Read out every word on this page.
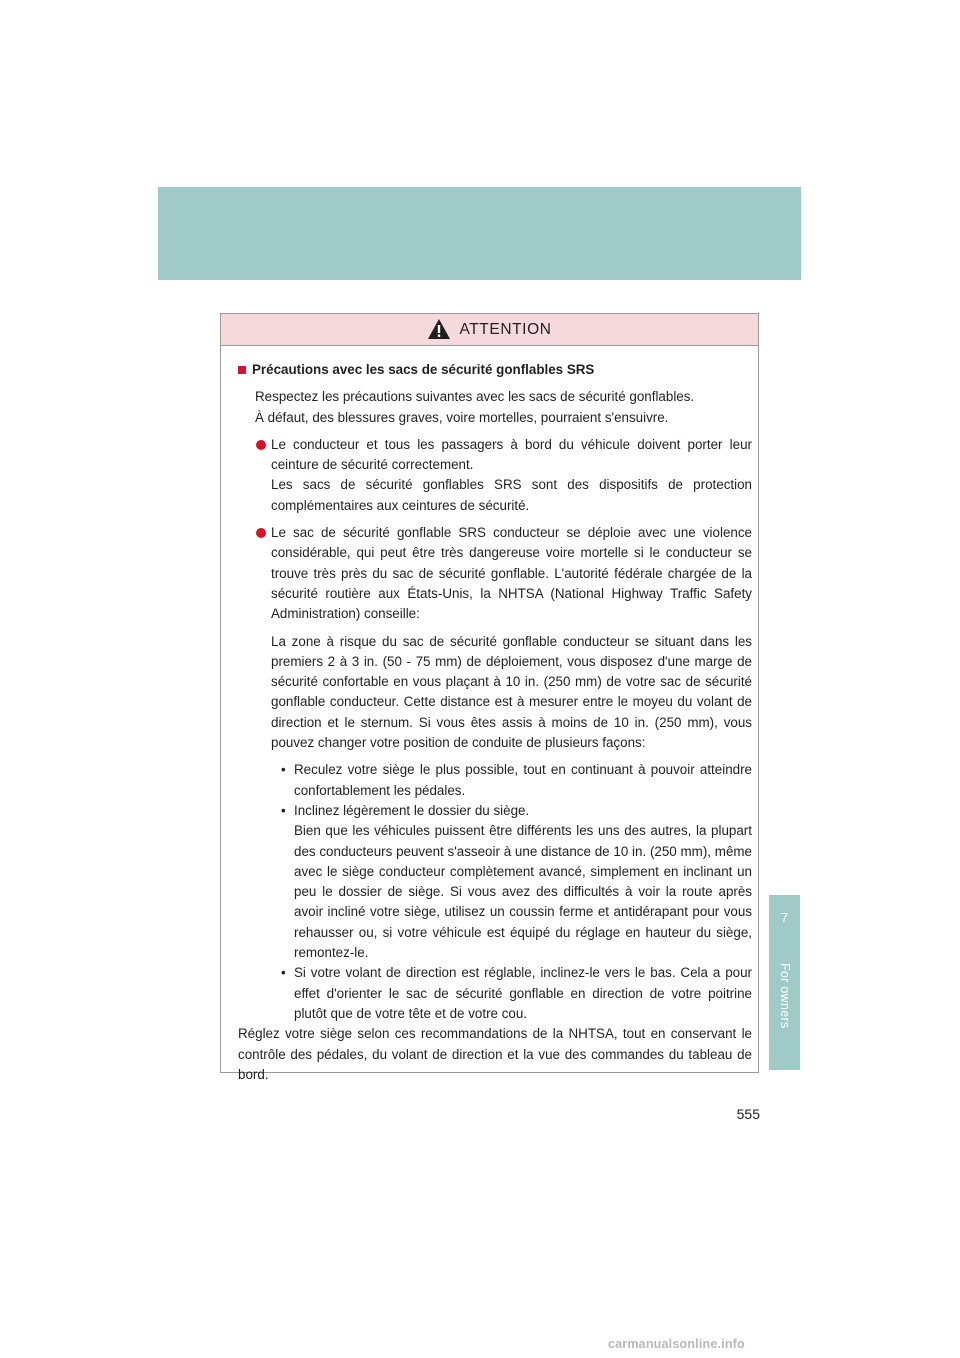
7
For owners
ATTENTION
Précautions avec les sacs de sécurité gonflables SRS
Respectez les précautions suivantes avec les sacs de sécurité gonflables.
À défaut, des blessures graves, voire mortelles, pourraient s'ensuivre.
Le conducteur et tous les passagers à bord du véhicule doivent porter leur ceinture de sécurité correctement.
Les sacs de sécurité gonflables SRS sont des dispositifs de protection complémentaires aux ceintures de sécurité.
Le sac de sécurité gonflable SRS conducteur se déploie avec une violence considérable, qui peut être très dangereuse voire mortelle si le conducteur se trouve très près du sac de sécurité gonflable. L'autorité fédérale chargée de la sécurité routière aux États-Unis, la NHTSA (National Highway Traffic Safety Administration) conseille:
La zone à risque du sac de sécurité gonflable conducteur se situant dans les premiers 2 à 3 in. (50 - 75 mm) de déploiement, vous disposez d'une marge de sécurité confortable en vous plaçant à 10 in. (250 mm) de votre sac de sécurité gonflable conducteur. Cette distance est à mesurer entre le moyeu du volant de direction et le sternum. Si vous êtes assis à moins de 10 in. (250 mm), vous pouvez changer votre position de conduite de plusieurs façons:
• Reculez votre siège le plus possible, tout en continuant à pouvoir atteindre confortablement les pédales.
• Inclinez légèrement le dossier du siège.
Bien que les véhicules puissent être différents les uns des autres, la plupart des conducteurs peuvent s'asseoir à une distance de 10 in. (250 mm), même avec le siège conducteur complètement avancé, simplement en inclinant un peu le dossier de siège. Si vous avez des difficultés à voir la route après avoir incliné votre siège, utilisez un coussin ferme et antidérapant pour vous rehausser ou, si votre véhicule est équipé du réglage en hauteur du siège, remontez-le.
• Si votre volant de direction est réglable, inclinez-le vers le bas. Cela a pour effet d'orienter le sac de sécurité gonflable en direction de votre poitrine plutôt que de votre tête et de votre cou.
Réglez votre siège selon ces recommandations de la NHTSA, tout en conservant le contrôle des pédales, du volant de direction et la vue des commandes du tableau de bord.
555
carmanualsonline.info
